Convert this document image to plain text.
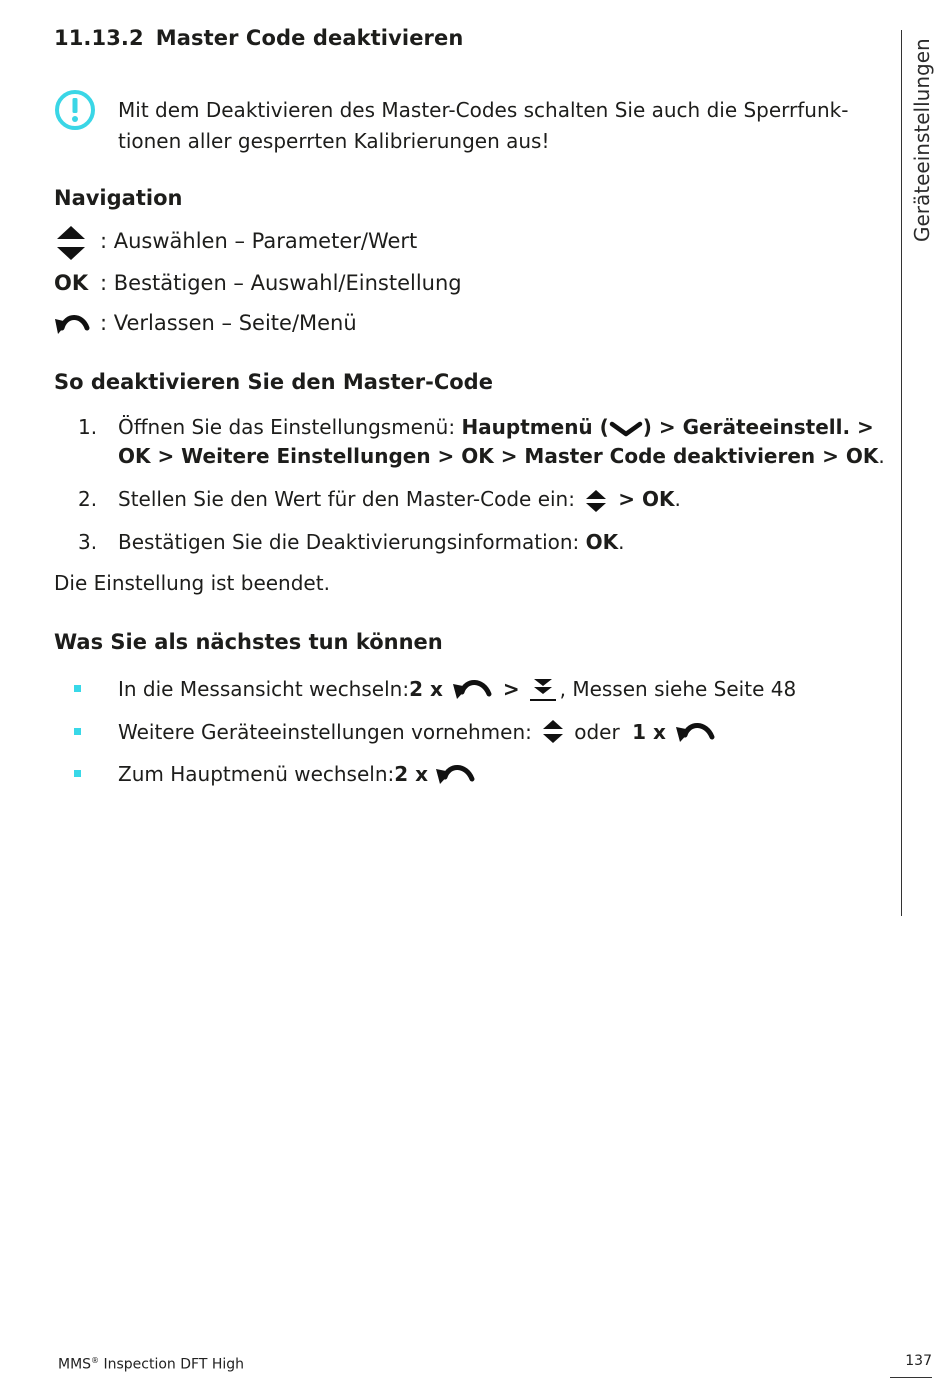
11.13.2 Master Code deaktivieren
Geräteeinstellungen
Mit dem Deaktivieren des Master-Codes schalten Sie auch die Sperrfunk-tionen aller gesperrten Kalibrierungen aus!
Navigation
: Auswählen – Parameter/Wert
OK : Bestätigen – Auswahl/Einstellung
: Verlassen – Seite/Menü
So deaktivieren Sie den Master-Code
1. Öffnen Sie das Einstellungsmenü: Hauptmenü ( ) > Geräteeinstell. > OK > Weitere Einstellungen > OK > Master Code deaktivieren > OK.
2. Stellen Sie den Wert für den Master-Code ein:  > OK.
3. Bestätigen Sie die Deaktivierungsinformation: OK.
Die Einstellung ist beendet.
Was Sie als nächstes tun können
In die Messansicht wechseln: 2 x	> , Messen siehe Seite 48
Weitere Geräteeinstellungen vornehmen: oder 1 x
Zum Hauptmenü wechseln: 2 x
MMS® Inspection DFT High	137
